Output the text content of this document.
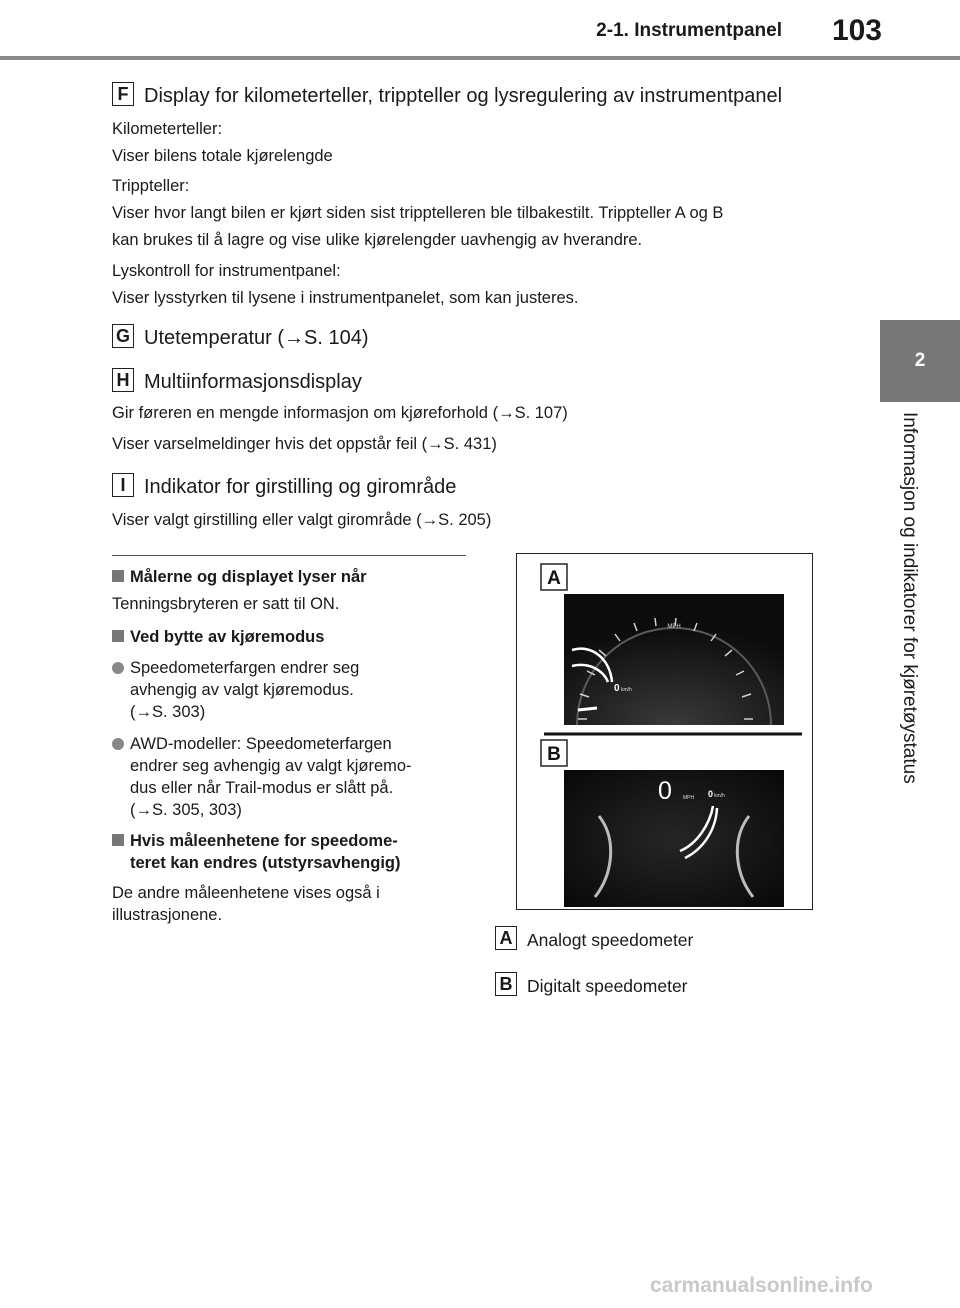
2-1. Instrumentpanel 103
2
Informasjon og indikatorer for kjøretøystatus
F Display for kilometerteller, trippteller og lysregulering av instrumentpanel
Kilometerteller:
Viser bilens totale kjørelengde
Trippteller:
Viser hvor langt bilen er kjørt siden sist tripptelleren ble tilbakestilt. Trippteller A og B
kan brukes til å lagre og vise ulike kjørelengder uavhengig av hverandre.
Lyskontroll for instrumentpanel:
Viser lysstyrken til lysene i instrumentpanelet, som kan justeres.
G Utetemperatur (→S. 104)
H Multiinformasjonsdisplay
Gir føreren en mengde informasjon om kjøreforhold (→S. 107)
Viser varselmeldinger hvis det oppstår feil (→S. 431)
I Indikator for girstilling og girområde
Viser valgt girstilling eller valgt girområde (→S. 205)
Målerne og displayet lyser når
Tenningsbryteren er satt til ON.
Ved bytte av kjøremodus
Speedometerfargen endrer seg
avhengig av valgt kjøremodus.
(→S. 303)
AWD-modeller: Speedometerfargen
endrer seg avhengig av valgt kjøremo-
dus eller når Trail-modus er slått på.
(→S. 305, 303)
Hvis måleenhetene for speedome-
teret kan endres (utstyrsavhengig)
De andre måleenhetene vises også i
illustrasjonene.
A
MPH
0 km/h
B
0 MPH 0 km/h
A Analogt speedometer
B Digitalt speedometer
carmanualsonline.info
